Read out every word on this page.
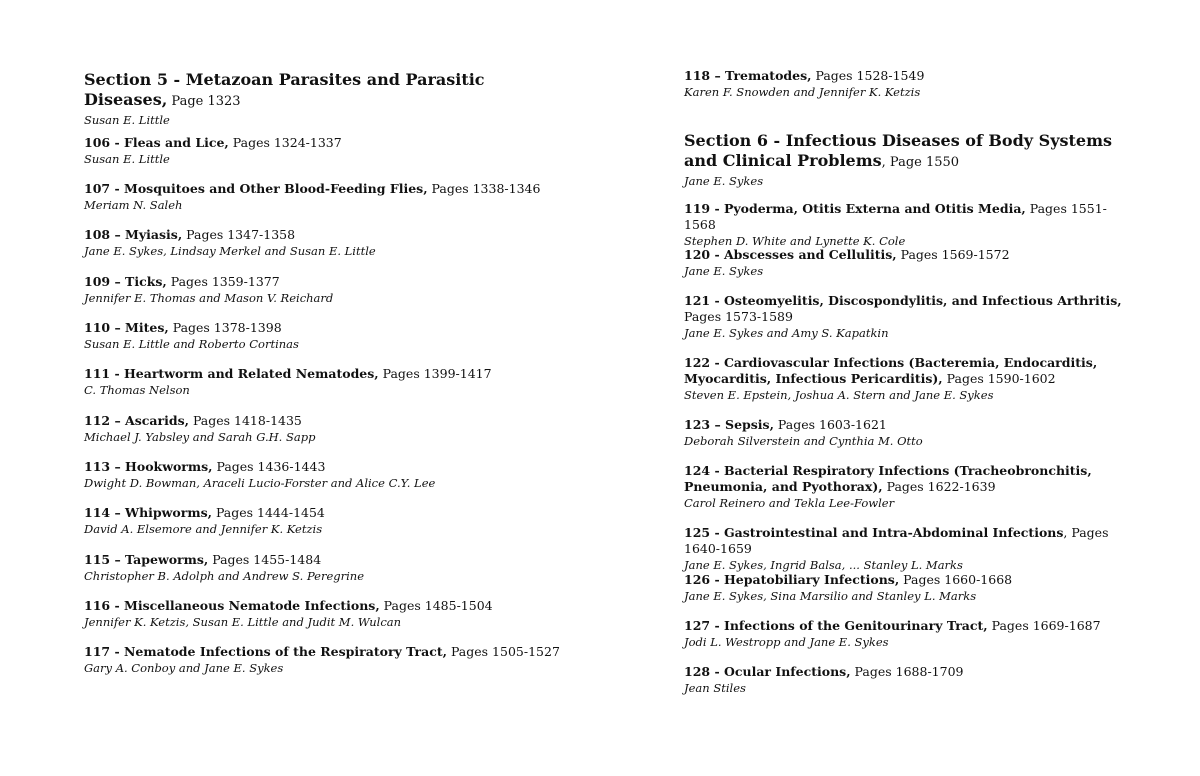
Section 5 - Metazoan Parasites and Parasitic Diseases, Page 1323

Susan E. Little

106 - Fleas and Lice, Pages 1324-1337

Susan E. Little

107 - Mosquitoes and Other Blood-Feeding Flies, Pages 1338-1346

Meriam N. Saleh

108 – Myiasis, Pages 1347-1358

Jane E. Sykes, Lindsay Merkel and Susan E. Little

109 – Ticks, Pages 1359-1377

Jennifer E. Thomas and Mason V. Reichard

110 – Mites, Pages 1378-1398

Susan E. Little and Roberto Cortinas

111 - Heartworm and Related Nematodes, Pages 1399-1417

C. Thomas Nelson

112 – Ascarids, Pages 1418-1435

Michael J. Yabsley and Sarah G.H. Sapp

113 – Hookworms, Pages 1436-1443

Dwight D. Bowman, Araceli Lucio-Forster and Alice C.Y. Lee

114 – Whipworms, Pages 1444-1454

David A. Elsemore and Jennifer K. Ketzis

115 – Tapeworms, Pages 1455-1484

Christopher B. Adolph and Andrew S. Peregrine

116 - Miscellaneous Nematode Infections, Pages 1485-1504

Jennifer K. Ketzis, Susan E. Little and Judit M. Wulcan

117 - Nematode Infections of the Respiratory Tract, Pages 1505-1527

Gary A. Conboy and Jane E. Sykes

118 – Trematodes, Pages 1528-1549

Karen F. Snowden and Jennifer K. Ketzis

Section 6 - Infectious Diseases of Body Systems and Clinical Problems, Page 1550

Jane E. Sykes

119 - Pyoderma, Otitis Externa and Otitis Media, Pages 1551-1568

Stephen D. White and Lynette K. Cole

120 - Abscesses and Cellulitis, Pages 1569-1572

Jane E. Sykes

121 - Osteomyelitis, Discospondylitis, and Infectious Arthritis, Pages 1573-1589

Jane E. Sykes and Amy S. Kapatkin

122 - Cardiovascular Infections (Bacteremia, Endocarditis, Myocarditis, Infectious Pericarditis), Pages 1590-1602

Steven E. Epstein, Joshua A. Stern and Jane E. Sykes

123 – Sepsis, Pages 1603-1621

Deborah Silverstein and Cynthia M. Otto

124 - Bacterial Respiratory Infections (Tracheobronchitis, Pneumonia, and Pyothorax), Pages 1622-1639

Carol Reinero and Tekla Lee-Fowler

125 - Gastrointestinal and Intra-Abdominal Infections, Pages 1640-1659

Jane E. Sykes, Ingrid Balsa, ... Stanley L. Marks

126 - Hepatobiliary Infections, Pages 1660-1668

Jane E. Sykes, Sina Marsilio and Stanley L. Marks

127 - Infections of the Genitourinary Tract, Pages 1669-1687

Jodi L. Westropp and Jane E. Sykes

128 - Ocular Infections, Pages 1688-1709

Jean Stiles
